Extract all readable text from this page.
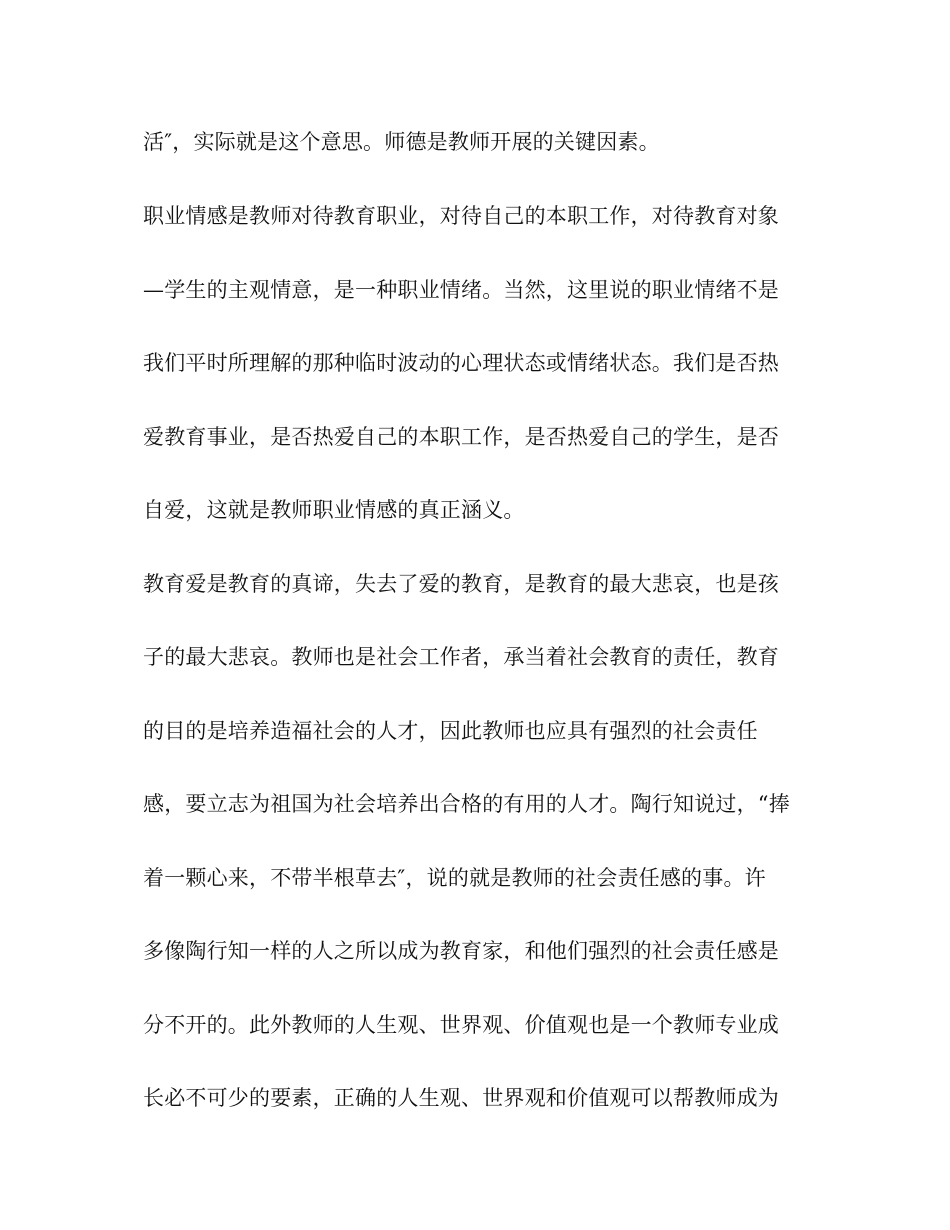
活″，实际就是这个意思。师德是教师开展的关键因素。
职业情感是教师对待教育职业，对待自己的本职工作，对待教育对象
—学生的主观情意，是一种职业情绪。当然，这里说的职业情绪不是
我们平时所理解的那种临时波动的心理状态或情绪状态。我们是否热
爱教育事业，是否热爱自己的本职工作，是否热爱自己的学生，是否
自爱，这就是教师职业情感的真正涵义。
教育爱是教育的真谛，失去了爱的教育，是教育的最大悲哀，也是孩
子的最大悲哀。教师也是社会工作者，承当着社会教育的责任，教育
的目的是培养造福社会的人才，因此教师也应具有强烈的社会责任
感，要立志为祖国为社会培养出合格的有用的人才。陶行知说过，“捧
着一颗心来，不带半根草去″，说的就是教师的社会责任感的事。许
多像陶行知一样的人之所以成为教育家，和他们强烈的社会责任感是
分不开的。此外教师的人生观、世界观、价值观也是一个教师专业成
长必不可少的要素，正确的人生观、世界观和价值观可以帮教师成为
